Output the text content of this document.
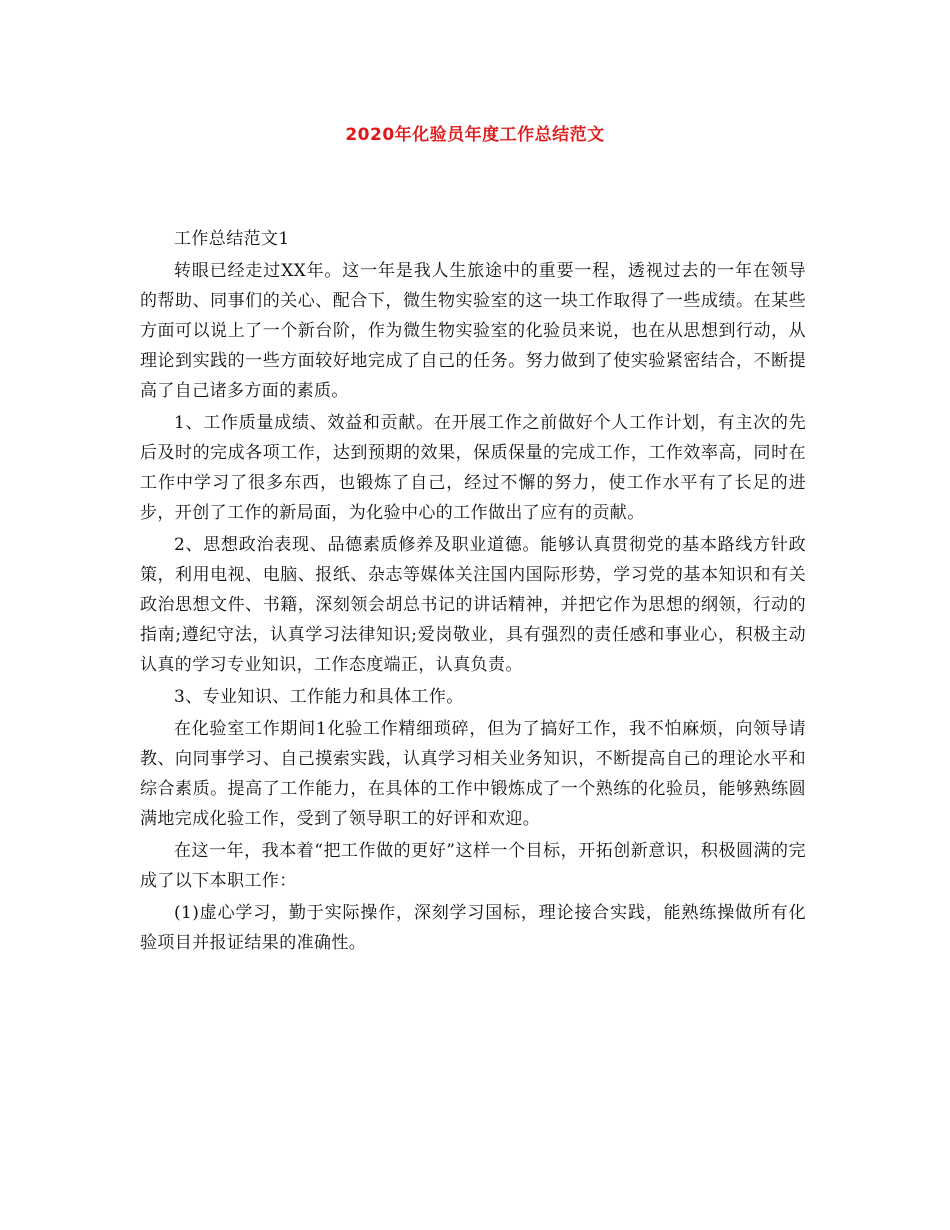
2020年化验员年度工作总结范文

工作总结范文1

转眼已经走过XX年。这一年是我人生旅途中的重要一程，透视过去的一年在领导的帮助、同事们的关心、配合下，微生物实验室的这一块工作取得了一些成绩。在某些方面可以说上了一个新台阶，作为微生物实验室的化验员来说，也在从思想到行动，从理论到实践的一些方面较好地完成了自己的任务。努力做到了使实验紧密结合，不断提高了自己诸多方面的素质。

1、工作质量成绩、效益和贡献。在开展工作之前做好个人工作计划，有主次的先后及时的完成各项工作，达到预期的效果，保质保量的完成工作，工作效率高，同时在工作中学习了很多东西，也锻炼了自己，经过不懈的努力，使工作水平有了长足的进步，开创了工作的新局面，为化验中心的工作做出了应有的贡献。

2、思想政治表现、品德素质修养及职业道德。能够认真贯彻党的基本路线方针政策，利用电视、电脑、报纸、杂志等媒体关注国内国际形势，学习党的基本知识和有关政治思想文件、书籍，深刻领会胡总书记的讲话精神，并把它作为思想的纲领，行动的指南;遵纪守法，认真学习法律知识;爱岗敬业，具有强烈的责任感和事业心，积极主动认真的学习专业知识，工作态度端正，认真负责。

3、专业知识、工作能力和具体工作。

在化验室工作期间1化验工作精细琐碎，但为了搞好工作，我不怕麻烦，向领导请教、向同事学习、自己摸索实践，认真学习相关业务知识，不断提高自己的理论水平和综合素质。提高了工作能力，在具体的工作中锻炼成了一个熟练的化验员，能够熟练圆满地完成化验工作，受到了领导职工的好评和欢迎。

在这一年，我本着“把工作做的更好”这样一个目标，开拓创新意识，积极圆满的完成了以下本职工作：

(1)虚心学习，勤于实际操作，深刻学习国标，理论接合实践，能熟练操做所有化验项目并报证结果的准确性。
